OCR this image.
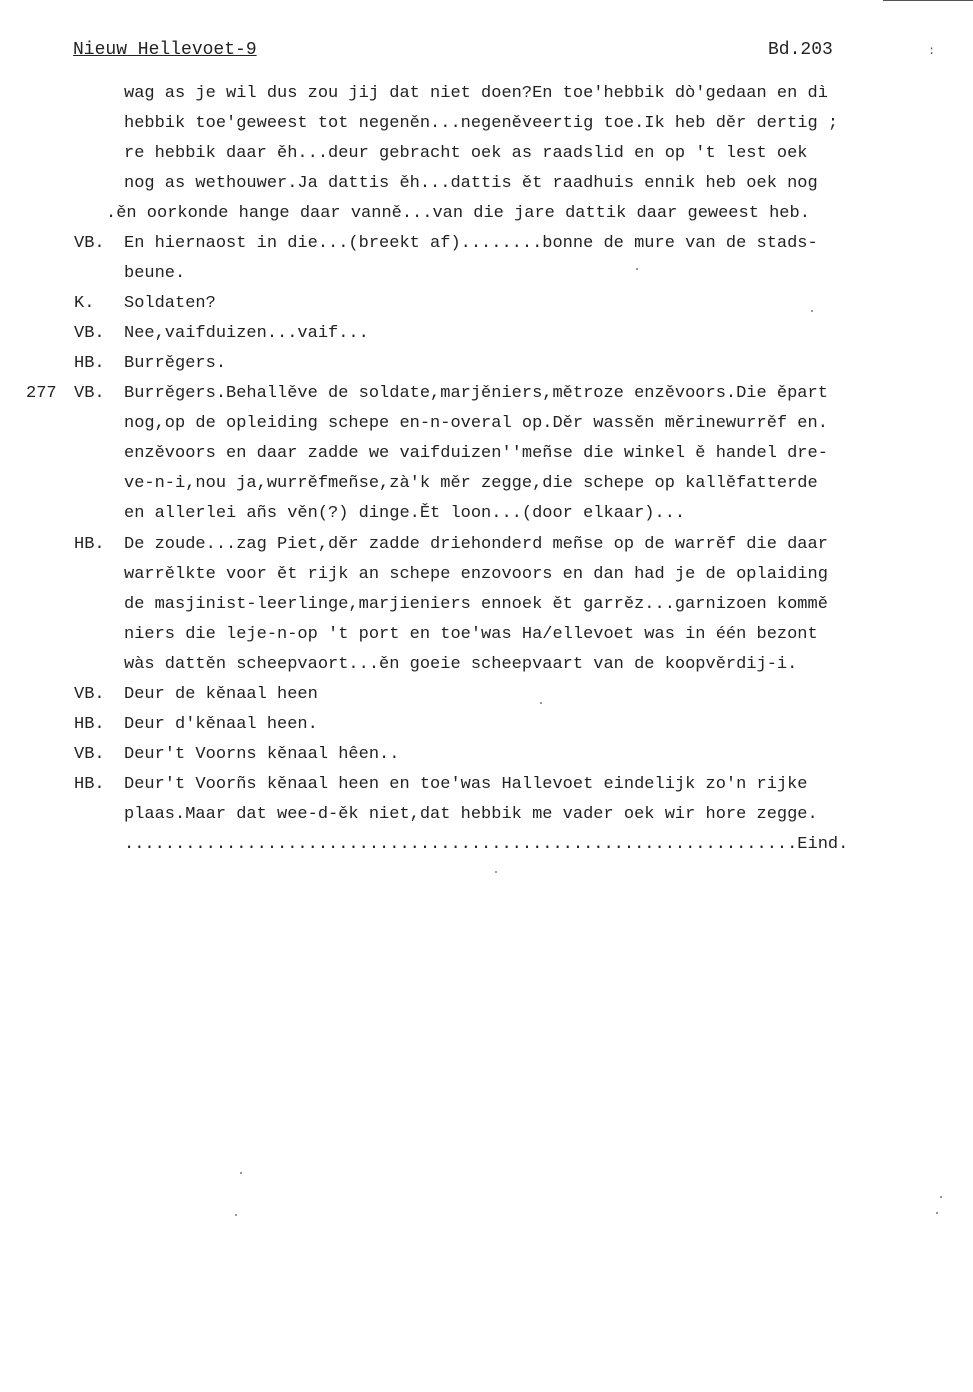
Nieuw Hellevoet-9	Bd.203	:
wag as je wil dus zou jij dat niet doen?En toe'hebbik dò'gedaan en dì
hebbik toe'geweest tot negeněn...negeněveertig toe.Ik heb děr dertig ;
re hebbik daar ěh...deur gebracht oek as raadslid en op 't lest oek
nog as wethouwer.Ja dattis ěh...dattis ět raadhuis ennik heb oek nog
.ěn oorkonde hange daar vanně...van die jare dattik daar geweest heb.
VB. En hiernaost in die...(breekt af)........bonne de mure van de stads-
beune.
K. Soldaten?
VB. Nee,vaifduizen...vaif...
HB. Burrěgers.
277 VB. Burrěgers.Behallěve de soldate,marjěniers,mětroze enzěvoors.Die ěpart
nog,op de opleiding schepe en-n-overal op.Děr wassěn měrinewurrěf en.
enzěvoors en daar zadde we vaifduizen''meñse die winkel ě handel dre-
ve-n-i,nou ja,wurrěfmeñse,zà'k měr zegge,die schepe op kallěfatterde
en allerlei añs věn(?) dinge.Ět loon...(door elkaar)...
HB. De zoude...zag Piet,děr zadde driehonderd meñse op de warrěf die daar
warrělkte voor ět rijk an schepe enzovoors en dan had je de oplaiding
de masjinist-leerlinge,marjieniers ennoek ět garrěz...garnizoen kommě
niers die leje-n-op 't port en toe'was Ha/ellevoet was in één bezont
wàs dattěn scheepvaort...ěn goeie scheepvaart van de koopvěrdij-i.
VB. Deur de kěnaal heen
HB. Deur d'kěnaal heen.
VB. Deur't Voorns kěnaal hêen..
HB. Deur't Voorñs kěnaal heen en toe'was Hallevoet eindelijk zo'n rijke
plaas.Maar dat wee-d-ěk niet,dat hebbik me vader oek wir hore zegge.
..................................................................Eind.
